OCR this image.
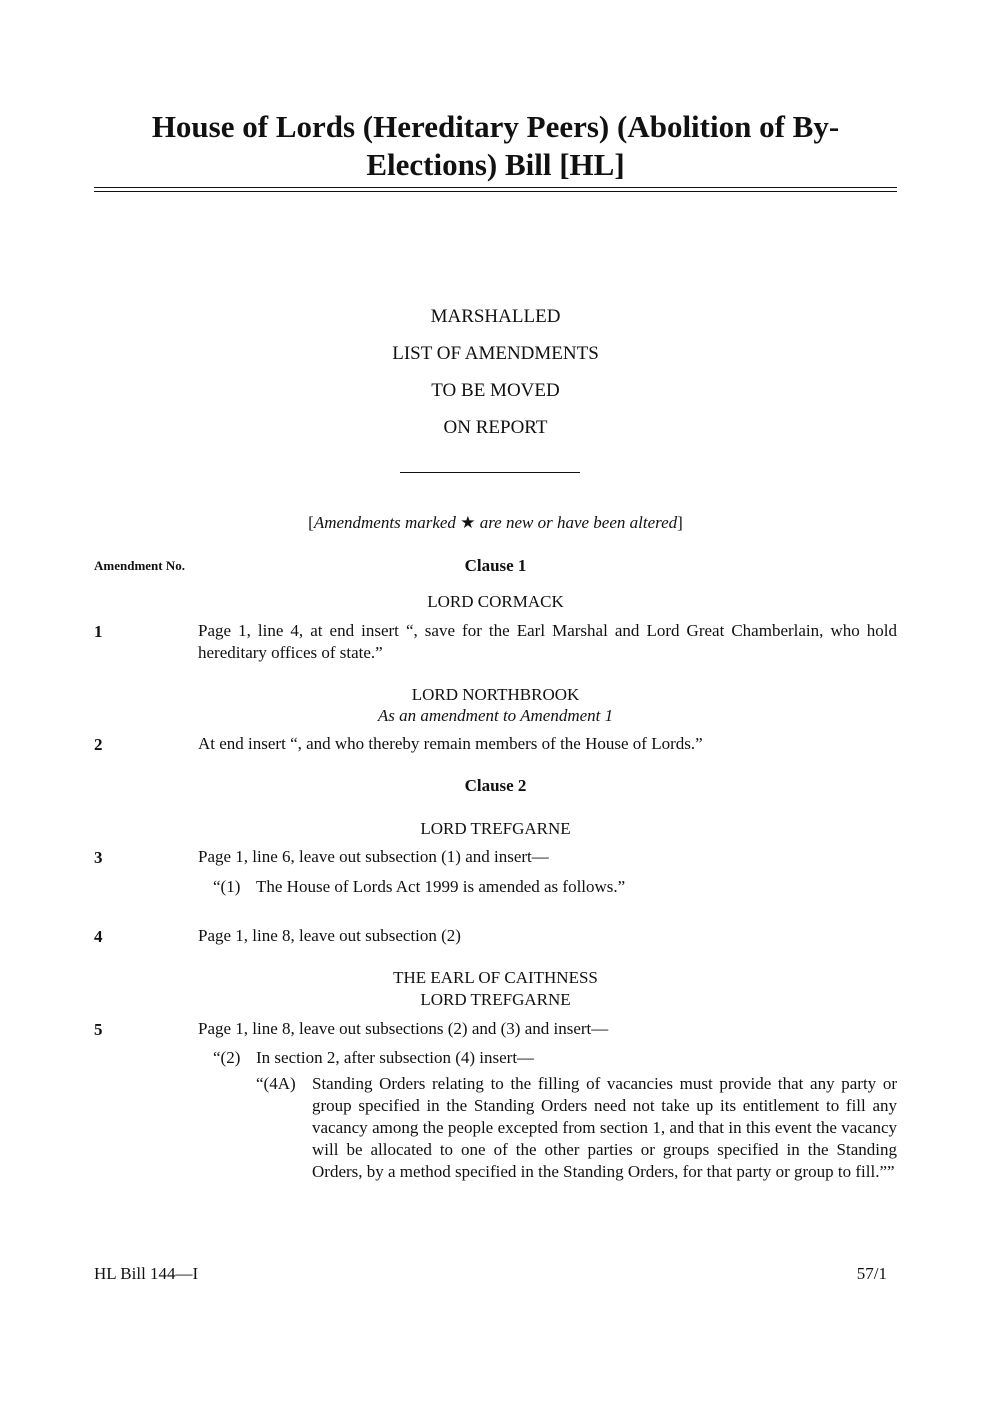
House of Lords (Hereditary Peers) (Abolition of By-
Elections) Bill [HL]
MARSHALLED
LIST OF AMENDMENTS
TO BE MOVED
ON REPORT
[Amendments marked ★ are new or have been altered]
Amendment No.	Clause 1
LORD CORMACK
1	Page 1, line 4, at end insert “, save for the Earl Marshal and Lord Great Chamberlain, who hold hereditary offices of state.”
LORD NORTHBROOK
As an amendment to Amendment 1
2	At end insert “, and who thereby remain members of the House of Lords.”
Clause 2
LORD TREFGARNE
3	Page 1, line 6, leave out subsection (1) and insert—
“(1) The House of Lords Act 1999 is amended as follows.”
4	Page 1, line 8, leave out subsection (2)
THE EARL OF CAITHNESS
LORD TREFGARNE
5	Page 1, line 8, leave out subsections (2) and (3) and insert—
“(2) In section 2, after subsection (4) insert—
“(4A) Standing Orders relating to the filling of vacancies must provide that any party or group specified in the Standing Orders need not take up its entitlement to fill any vacancy among the people excepted from section 1, and that in this event the vacancy will be allocated to one of the other parties or groups specified in the Standing Orders, by a method specified in the Standing Orders, for that party or group to fill.””
HL Bill 144—I	57/1
